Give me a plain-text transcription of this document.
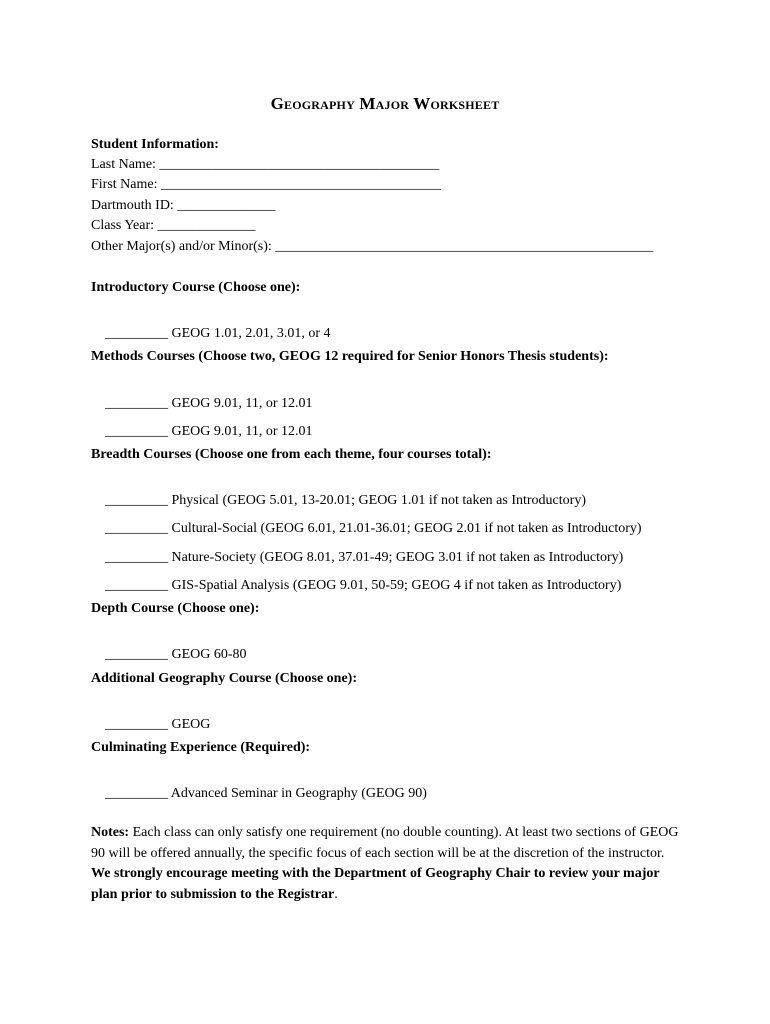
Geography Major Worksheet
Student Information:
Last Name: ________________________________________
First Name: ________________________________________
Dartmouth ID: ______________
Class Year: ______________
Other Major(s) and/or Minor(s): ______________________________________________________
Introductory Course (Choose one):

_________ GEOG 1.01, 2.01, 3.01, or 4

Methods Courses (Choose two, GEOG 12 required for Senior Honors Thesis students):

_________ GEOG 9.01, 11, or 12.01

_________ GEOG 9.01, 11, or 12.01

Breadth Courses (Choose one from each theme, four courses total):

_________ Physical (GEOG 5.01, 13-20.01; GEOG 1.01 if not taken as Introductory)

_________ Cultural-Social (GEOG 6.01, 21.01-36.01; GEOG 2.01 if not taken as Introductory)

_________ Nature-Society (GEOG 8.01, 37.01-49; GEOG 3.01 if not taken as Introductory)

_________ GIS-Spatial Analysis (GEOG 9.01, 50-59; GEOG 4 if not taken as Introductory)

Depth Course (Choose one):

_________ GEOG 60-80

Additional Geography Course (Choose one):

_________ GEOG

Culminating Experience (Required):

_________ Advanced Seminar in Geography (GEOG 90)

Notes: Each class can only satisfy one requirement (no double counting). At least two sections of GEOG 90 will be offered annually, the specific focus of each section will be at the discretion of the instructor. We strongly encourage meeting with the Department of Geography Chair to review your major plan prior to submission to the Registrar.
